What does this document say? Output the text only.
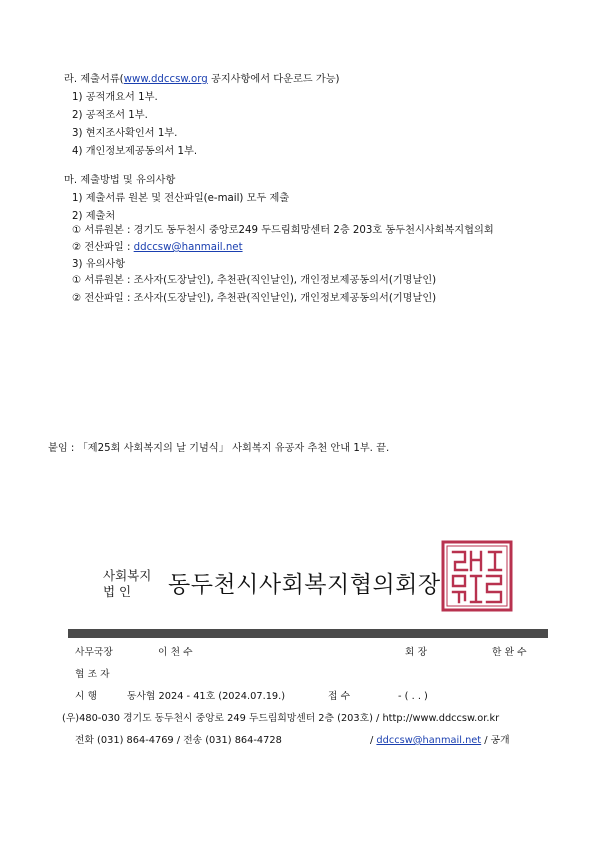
라. 제출서류(www.ddccsw.org 공지사항에서 다운로드 가능)
1) 공적개요서 1부.
2) 공적조서 1부.
3) 현지조사확인서 1부.
4) 개인정보제공동의서 1부.
마. 제출방법 및 유의사항
1) 제출서류 원본 및 전산파일(e-mail) 모두 제출
2) 제출처
① 서류원본 : 경기도 동두천시 중앙로249 두드림희망센터 2층 203호 동두천시사회복지협의회
② 전산파일 : ddccsw@hanmail.net
3) 유의사항
① 서류원본 : 조사자(도장날인), 추천관(직인날인), 개인정보제공동의서(기명날인)
② 전산파일 : 조사자(도장날인), 추천관(직인날인), 개인정보제공동의서(기명날인)
붙임 : 「제25회 사회복지의 날 기념식」 사회복지 유공자 추천 안내 1부. 끝.
사회복지
법 인 동두천시사회복지협의회장
사무국장	이 천 수	회 장	한 완 수
협 조 자
시 행	동사협 2024 - 41호 (2024.07.19.)	접 수	- ( . . )
(우)480-030 경기도 동두천시 중앙로 249 두드림희망센터 2층 (203호) / http://www.ddccsw.or.kr
전화 (031) 864-4769 / 전송 (031) 864-4728	/ ddccsw@hanmail.net / 공개
